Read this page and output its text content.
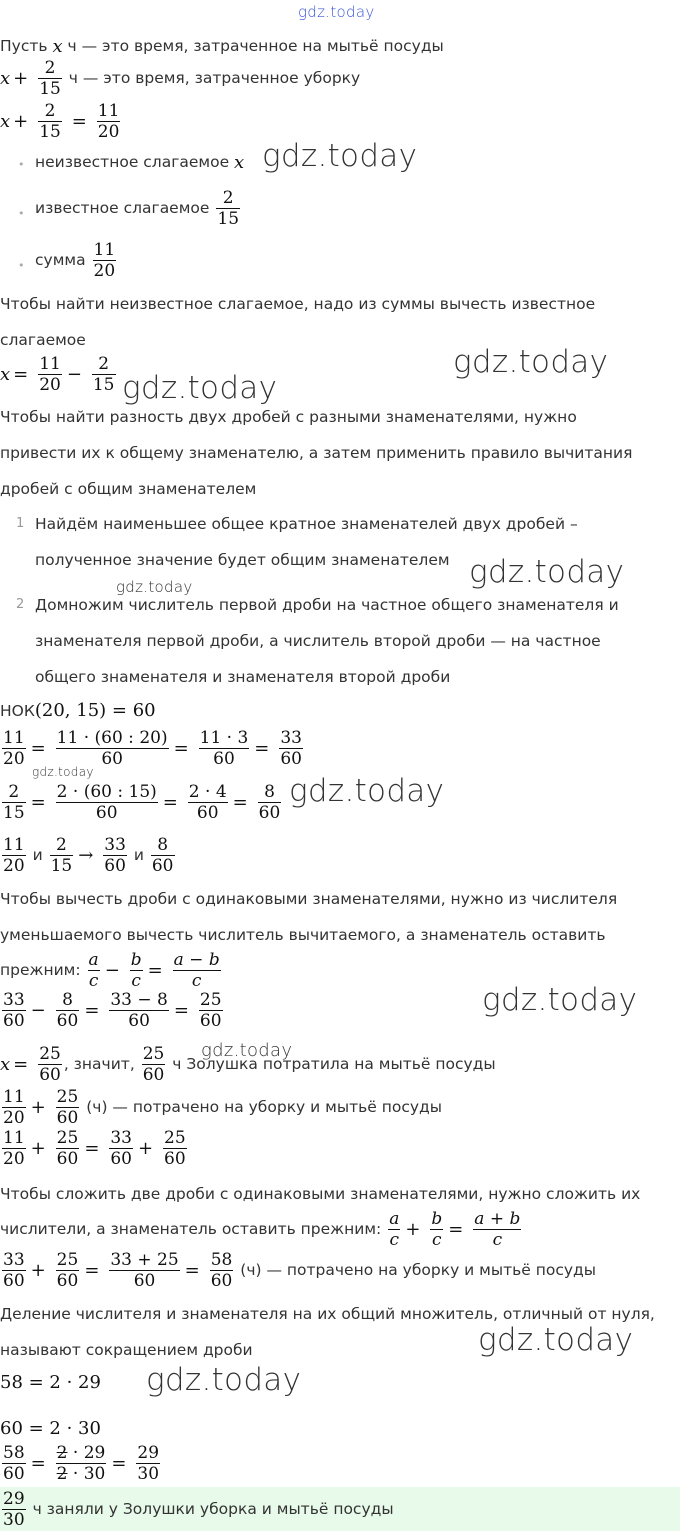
gdz.today
gdz.today
gdz.today
gdz.today
gdz.today
gdz.today
gdz.today
gdz.today
gdz.today
gdz.today
gdz.today
gdz.today
Пусть x ч — это время, затраченное на мытьё посуды
$x + \frac{2}{15}$ ч — это время, затраченное уборку
$x + \frac{2}{15} = \frac{11}{20}$
• неизвестное слагаемое x
• известное слагаемое $\frac{2}{15}$
• сумма $\frac{11}{20}$
Чтобы найти неизвестное слагаемое, надо из суммы вычесть известное
слагаемое
$x = \frac{11}{20} - \frac{2}{15}$
Чтобы найти разность двух дробей с разными знаменателями, нужно
привести их к общему знаменателю, а затем применить правило вычитания
дробей с общим знаменателем
1 Найдём наименьшее общее кратное знаменателей двух дробей –
полученное значение будет общим знаменателем
2 Домножим числитель первой дроби на частное общего знаменателя и
знаменателя первой дроби, а числитель второй дроби — на частное
общего знаменателя и знаменателя второй дроби
НОК(20, 15) = 60
$\frac{11}{20} = \frac{11 \cdot (60 : 20)}{60} = \frac{11 \cdot 3}{60} = \frac{33}{60}$
$\frac{2}{15} = \frac{2 \cdot (60 : 15)}{60} = \frac{2 \cdot 4}{60} = \frac{8}{60}$
$\frac{11}{20}$ и $\frac{2}{15} \to \frac{33}{60}$ и $\frac{8}{60}$
Чтобы вычесть дроби с одинаковыми знаменателями, нужно из числителя
уменьшаемого вычесть числитель вычитаемого, а знаменатель оставить
прежним: $\frac{a}{c} - \frac{b}{c} = \frac{a - b}{c}$
$\frac{33}{60} - \frac{8}{60} = \frac{33 - 8}{60} = \frac{25}{60}$
$x = \frac{25}{60}$ , значит, $\frac{25}{60}$ ч Золушка потратила на мытьё посуды
$\frac{11}{20} + \frac{25}{60} (ч)$ — потрачено на уборку и мытьё посуды
$\frac{11}{20} + \frac{25}{60} = \frac{33}{60} + \frac{25}{60}$
Чтобы сложить две дроби с одинаковыми знаменателями, нужно сложить их
числители, а знаменатель оставить прежним: $\frac{a}{c} + \frac{b}{c} = \frac{a + b}{c}$
$\frac{33}{60} + \frac{25}{60} = \frac{33 + 25}{60} = \frac{58}{60} (ч)$ — потрачено на уборку и мытьё посуды
Деление числителя и знаменателя на их общий множитель, отличный от нуля,
называют сокращением дроби
58 = 2 · 29
60 = 2 · 30
$\frac{58}{60} = \frac{2 \cdot 29}{2 \cdot 30} = \frac{29}{30}$
$\frac{29}{30}$ ч заняли у Золушки уборка и мытьё посуды
